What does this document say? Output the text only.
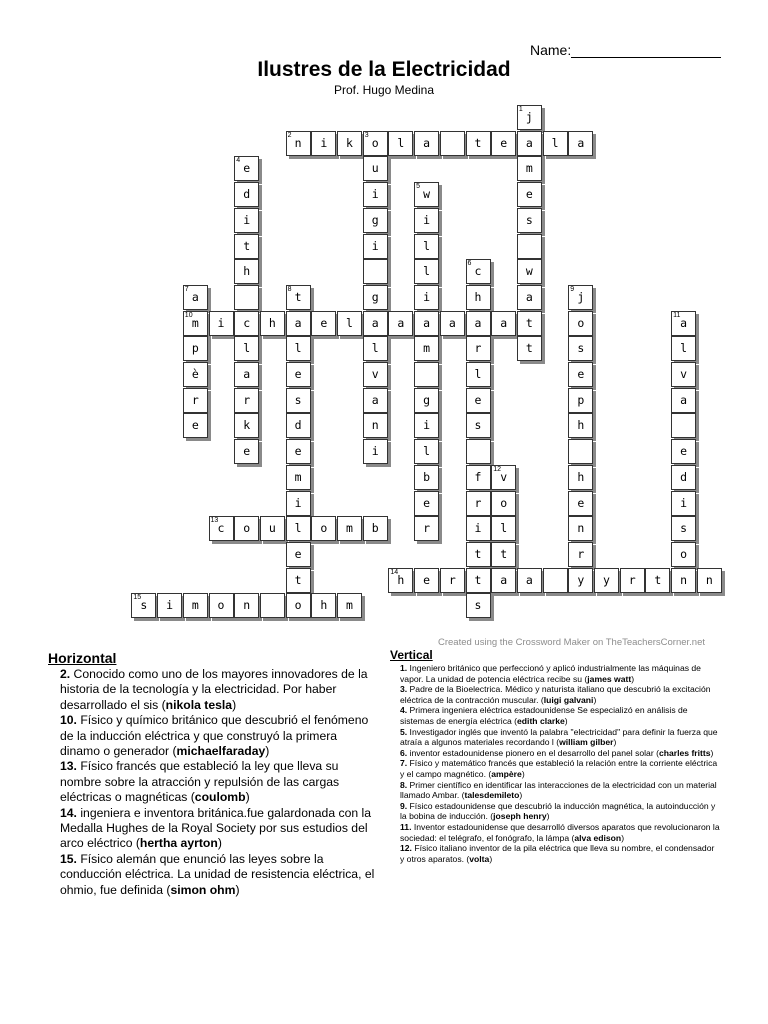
Name:
Ilustres de la Electricidad
Prof. Hugo Medina
j
1
n
2
i	k	o
3
l	a	t	e	a	l	a
e
4
u	m
d	i	w
5
e
i	g	i	s
t	i	l
h	l	c
6
w
a
7
t
8
g	i	h	a	j
9
m
10
i	c	h	a	e	l	a	a	a	a	a	a	t	o	a
11
p	l	l	l	m	r	t	s	l
è	a	e	v	l	e	v
r	r	s	a	g	e	p	a
e	k	d	n	i	s	h
e	e	i	l	e
m	b	f	v
12
h	d
i	e	r	o	e	i
c
13
o	u	l	o	m	b	r	i	l	n	s
e	t	t	r	o
t	h
14
e	r	t	a	a	y	y	r	t	n	n
s
15
i	m	o	n	o	h	m	s
Created using the Crossword Maker on TheTeachersCorner.net
Horizontal
2. Conocido como uno de los mayores innovadores de la historia de la tecnología y la electricidad. Por haber desarrollado el sis (nikola tesla)
10. Físico y químico británico que descubrió el fenómeno de la inducción eléctrica y que construyó la primera dinamo o generador (michaelfaraday)
13. Físico francés que estableció la ley que lleva su nombre sobre la atracción y repulsión de las cargas eléctricas o magnéticas (coulomb)
14. ingeniera e inventora británica.fue galardonada con la Medalla Hughes de la Royal Society por sus estudios del arco eléctrico (hertha ayrton)
15. Físico alemán que enunció las leyes sobre la conducción eléctrica. La unidad de resistencia eléctrica, el ohmio, fue definida (simon ohm)
Vertical
1. Ingeniero británico que perfeccionó y aplicó industrialmente las máquinas de vapor. La unidad de potencia eléctrica recibe su (james watt)
3. Padre de la Bioelectrica. Médico y naturista italiano que descubrió la excitación eléctrica de la contracción muscular. (luigi galvani)
4. Primera ingeniera eléctrica estadounidense Se especializó en análisis de sistemas de energía eléctrica (edith clarke)
5. Investigador inglés que inventó la palabra "electricidad" para definir la fuerza que atraía a algunos materiales recordando l (william gilber)
6. inventor estadounidense pionero en el desarrollo del panel solar (charles fritts)
7. Físico y matemático francés que estableció la relación entre la corriente eléctrica y el campo magnético. (ampère)
8. Primer científico en identificar las interacciones de la electricidad con un material llamado Ambar. (talesdemileto)
9. Físico estadounidense que descubrió la inducción magnética, la autoinducción y la bobina de inducción. (joseph henry)
11. Inventor estadounidense que desarrolló diversos aparatos que revolucionaron la sociedad: el telégrafo, el fonógrafo, la lámpa (alva edison)
12. Físico italiano inventor de la pila eléctrica que lleva su nombre, el condensador y otros aparatos. (volta)
